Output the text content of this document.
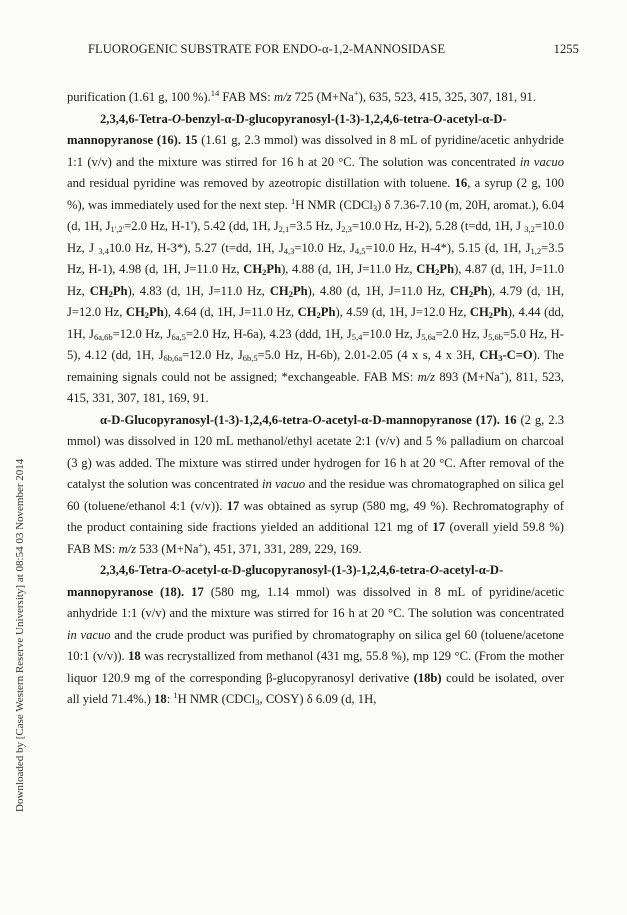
FLUOROGENIC SUBSTRATE FOR ENDO-α-1,2-MANNOSIDASE	1255
Downloaded by [Case Western Reserve University] at 08:54 03 November 2014

purification (1.61 g, 100 %).$^{14}$ FAB MS: m/z 725 (M+Na+), 635, 523, 415, 325, 307, 181, 91.

2,3,4,6-Tetra-O-benzyl-α-D-glucopyranosyl-(1-3)-1,2,4,6-tetra-O-acetyl-α-D-mannopyranose (16). 15 (1.61 g, 2.3 mmol) was dissolved in 8 mL of pyridine/acetic anhydride 1:1 (v/v) and the mixture was stirred for 16 h at 20 °C. The solution was concentrated in vacuo and residual pyridine was removed by azeotropic distillation with toluene. 16, a syrup (2 g, 100 %), was immediately used for the next step. $^1$H NMR (CDCl$_3$) δ 7.36-7.10 (m, 20H, aromat.), 6.04 (d, 1H, $J_{1',2'}=2.0$ Hz, H-1'), 5.42 (dd, 1H, $J_{2,1}=3.5$ Hz, $J_{2,3}=10.0$ Hz, H-2), 5.28 (t=dd, 1H, J $_{3,2}$=10.0 Hz, J $_{3,4}$10.0 Hz, H-3*), 5.27 (t=dd, 1H, $J_{4,3}=10.0$ Hz, $J_{4,5}=10.0$ Hz, H-4*), 5.15 (d, 1H, $J_{1,2}=3.5$ Hz, H-1), 4.98 (d, 1H, J=11.0 Hz, $CH_2Ph$), 4.88 (d, 1H, J=11.0 Hz, $CH_2Ph$), 4.87 (d, 1H, J=11.0 Hz, $CH_2Ph$), 4.83 (d, 1H, J=11.0 Hz, $CH_2Ph$), 4.80 (d, 1H, J=11.0 Hz, $CH_2Ph$), 4.79 (d, 1H, J=12.0 Hz, $CH_2Ph$), 4.64 (d, 1H, J=11.0 Hz, $CH_2Ph$), 4.59 (d, 1H, J=12.0 Hz, $CH_2Ph$), 4.44 (dd, 1H, $J_{6a,6b}=12.0$ Hz, $J_{6a,5}=2.0$ Hz, H-6a), 4.23 (ddd, 1H, $J_{5,4}=10.0$ Hz, $J_{5,6a}=2.0$ Hz, $J_{5,6b}=5.0$ Hz, H-5), 4.12 (dd, 1H, $J_{6b,6a}=12.0$ Hz, $J_{6b,5}=5.0$ Hz, H-6b), 2.01-2.05 (4 x s, 4 x 3H, $CH_3-C=O$). The remaining signals could not be assigned; *exchangeable. FAB MS: m/z 893 (M+Na+), 811, 523, 415, 331, 307, 181, 169, 91.

α-D-Glucopyranosyl-(1-3)-1,2,4,6-tetra-O-acetyl-α-D-mannopyranose (17). 16 (2 g, 2.3 mmol) was dissolved in 120 mL methanol/ethyl acetate 2:1 (v/v) and 5 % palladium on charcoal (3 g) was added. The mixture was stirred under hydrogen for 16 h at 20 °C. After removal of the catalyst the solution was concentrated in vacuo and the residue was chromatographed on silica gel 60 (toluene/ethanol 4:1 (v/v)). 17 was obtained as syrup (580 mg, 49 %). Rechromatography of the product containing side fractions yielded an additional 121 mg of 17 (overall yield 59.8 %) FAB MS: m/z 533 (M+Na+), 451, 371, 331, 289, 229, 169.

2,3,4,6-Tetra-O-acetyl-α-D-glucopyranosyl-(1-3)-1,2,4,6-tetra-O-acetyl-α-D-mannopyranose (18). 17 (580 mg, 1.14 mmol) was dissolved in 8 mL of pyridine/acetic anhydride 1:1 (v/v) and the mixture was stirred for 16 h at 20 °C. The solution was concentrated in vacuo and the crude product was purified by chromatography on silica gel 60 (toluene/acetone 10:1 (v/v)). 18 was recrystallized from methanol (431 mg, 55.8 %), mp 129 °C. (From the mother liquor 120.9 mg of the corresponding β-glucopyranosyl derivative (18b) could be isolated, over all yield 71.4%.) 18: $^1$H NMR (CDCl$_3$, COSY) δ 6.09 (d, 1H,
